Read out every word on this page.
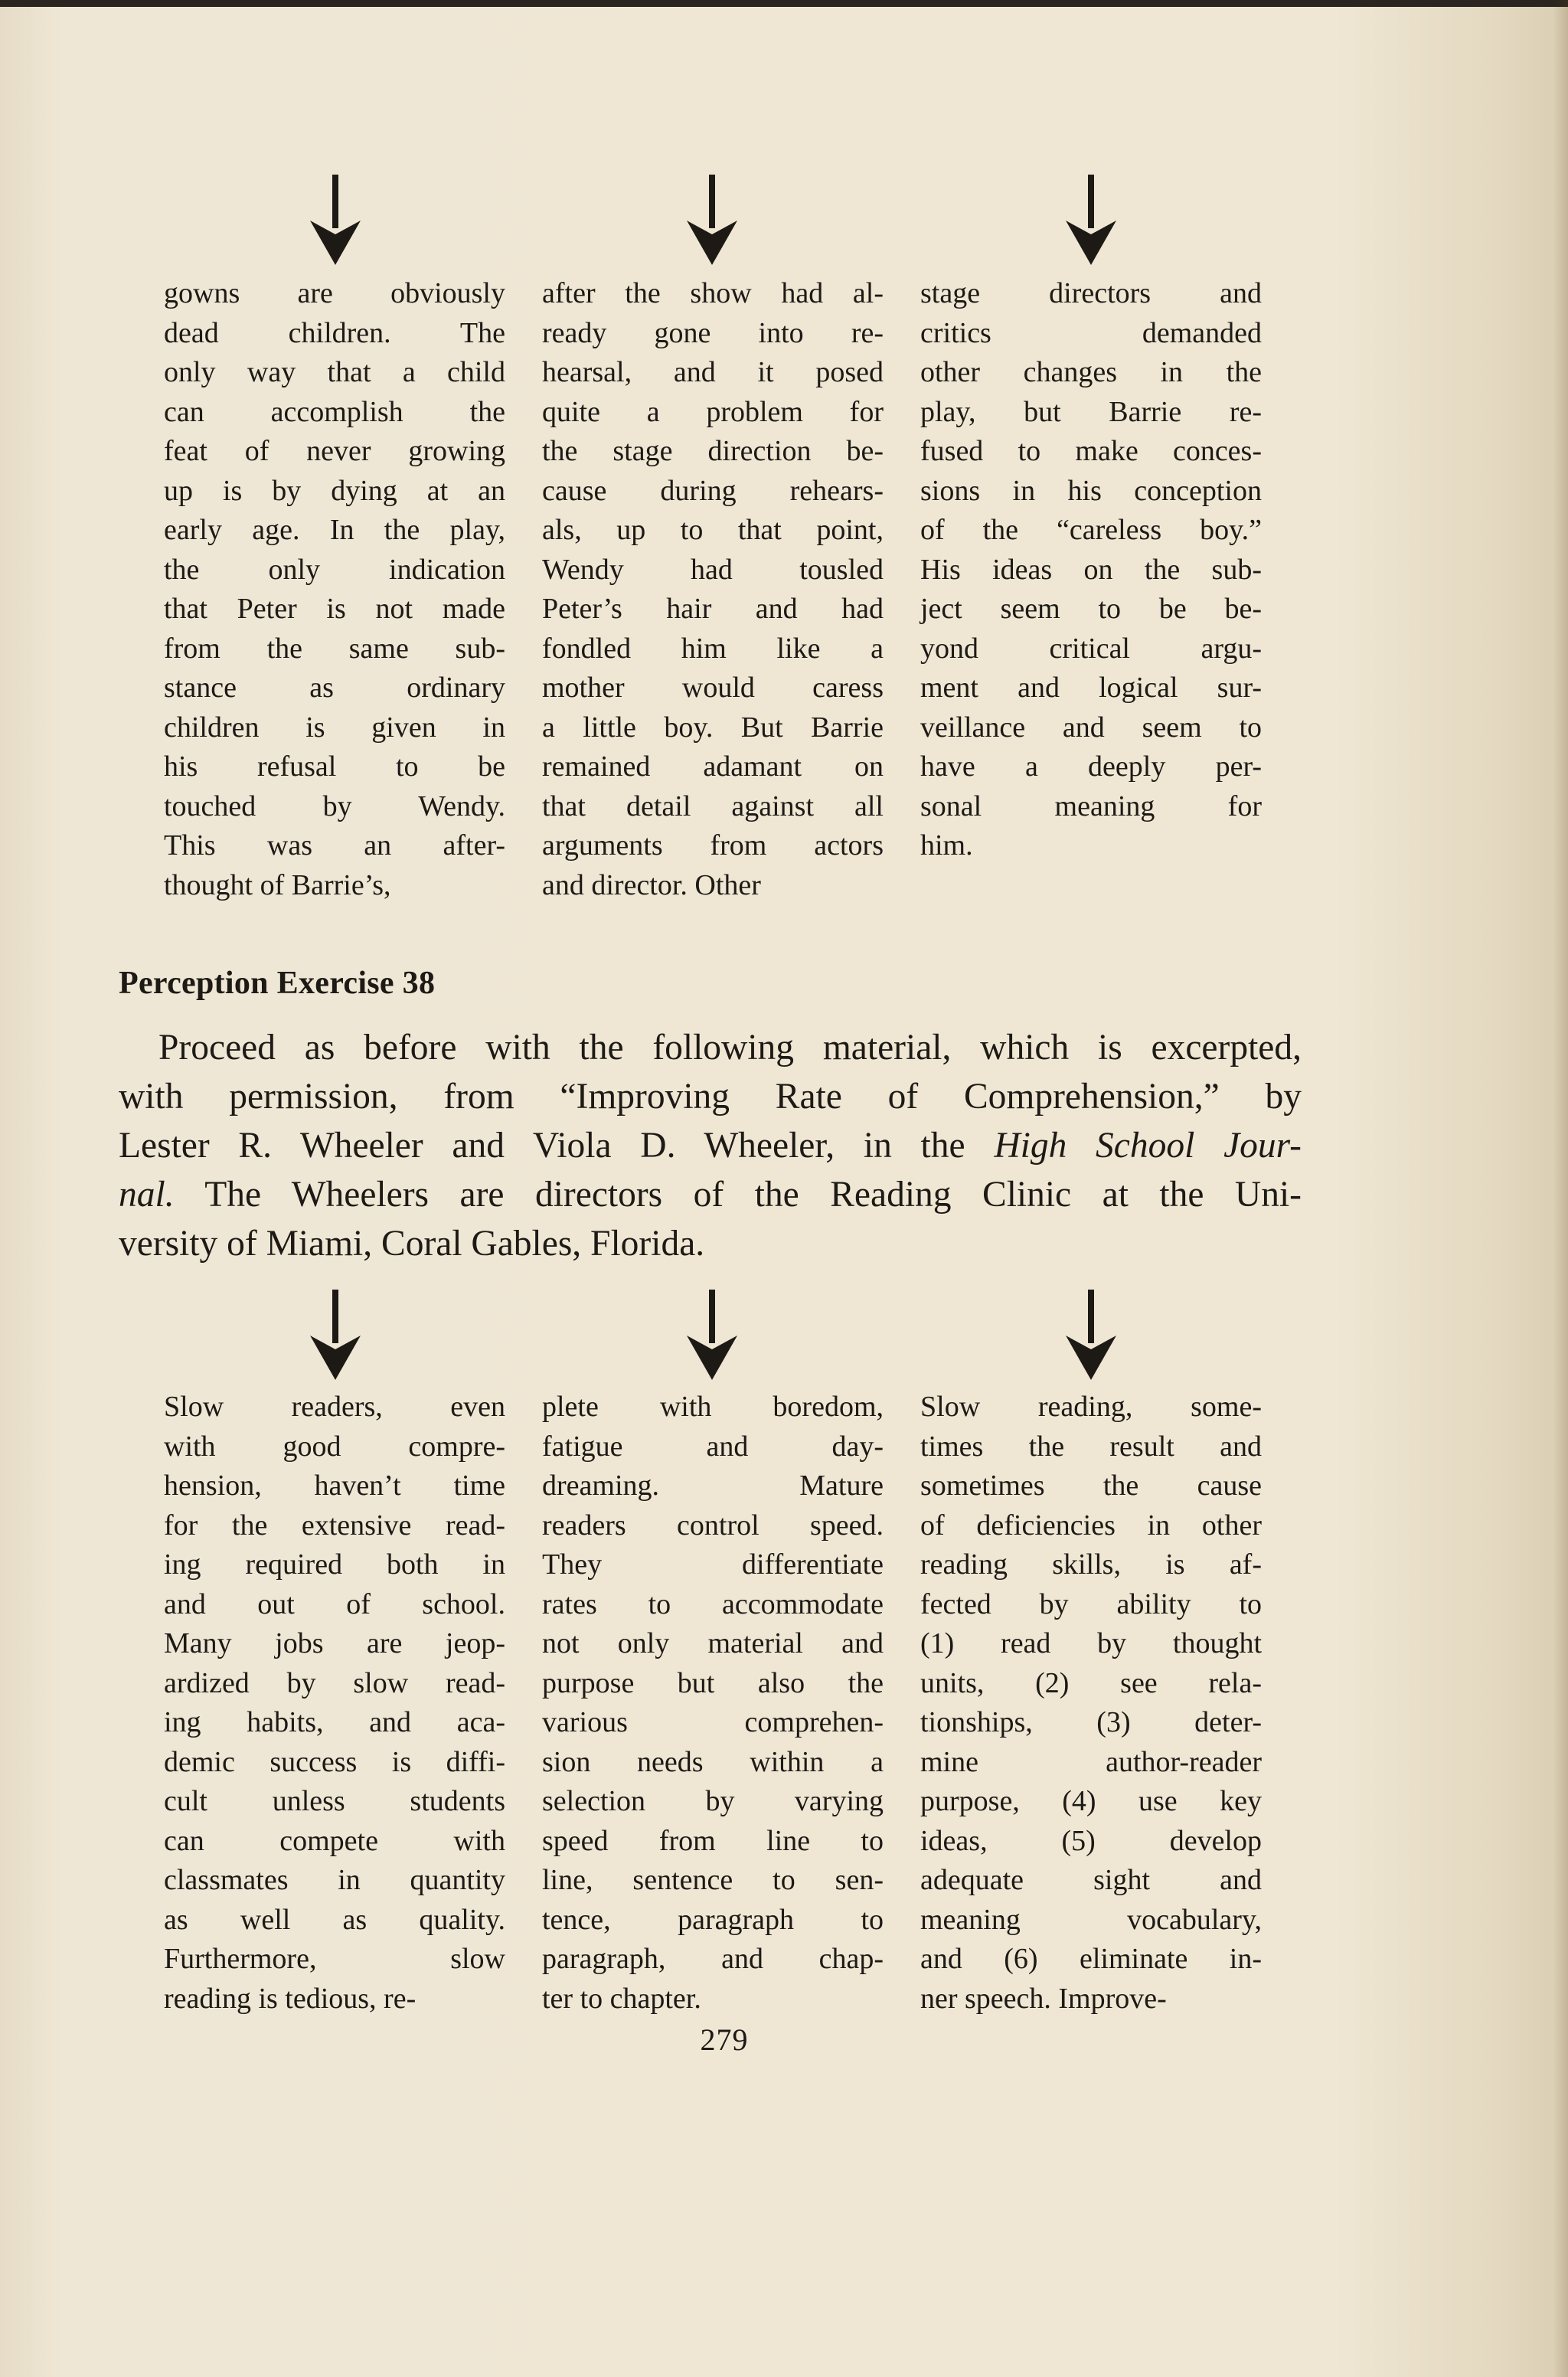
gowns are obviously
dead children. The
only way that a child
can accomplish the
feat of never growing
up is by dying at an
early age. In the play,
the only indication
that Peter is not made
from the same sub-
stance as ordinary
children is given in
his refusal to be
touched by Wendy.
This was an after-
thought of Barrie’s,
after the show had al-
ready gone into re-
hearsal, and it posed
quite a problem for
the stage direction be-
cause during rehears-
als, up to that point,
Wendy had tousled
Peter’s hair and had
fondled him like a
mother would caress
a little boy. But Barrie
remained adamant on
that detail against all
arguments from actors
and director. Other
stage directors and
critics demanded
other changes in the
play, but Barrie re-
fused to make conces-
sions in his conception
of the “careless boy.”
His ideas on the sub-
ject seem to be be-
yond critical argu-
ment and logical sur-
veillance and seem to
have a deeply per-
sonal meaning for
him.
Perception Exercise 38
Proceed as before with the following material, which is excerpted,
with permission, from “Improving Rate of Comprehension,” by
Lester R. Wheeler and Viola D. Wheeler, in the High School Jour-
nal. The Wheelers are directors of the Reading Clinic at the Uni-
versity of Miami, Coral Gables, Florida.
Slow readers, even
with good compre-
hension, haven’t time
for the extensive read-
ing required both in
and out of school.
Many jobs are jeop-
ardized by slow read-
ing habits, and aca-
demic success is diffi-
cult unless students
can compete with
classmates in quantity
as well as quality.
Furthermore, slow
reading is tedious, re-
plete with boredom,
fatigue and day-
dreaming. Mature
readers control speed.
They differentiate
rates to accommodate
not only material and
purpose but also the
various comprehen-
sion needs within a
selection by varying
speed from line to
line, sentence to sen-
tence, paragraph to
paragraph, and chap-
ter to chapter.
Slow reading, some-
times the result and
sometimes the cause
of deficiencies in other
reading skills, is af-
fected by ability to
(1) read by thought
units, (2) see rela-
tionships, (3) deter-
mine author-reader
purpose, (4) use key
ideas, (5) develop
adequate sight and
meaning vocabulary,
and (6) eliminate in-
ner speech. Improve-
279
